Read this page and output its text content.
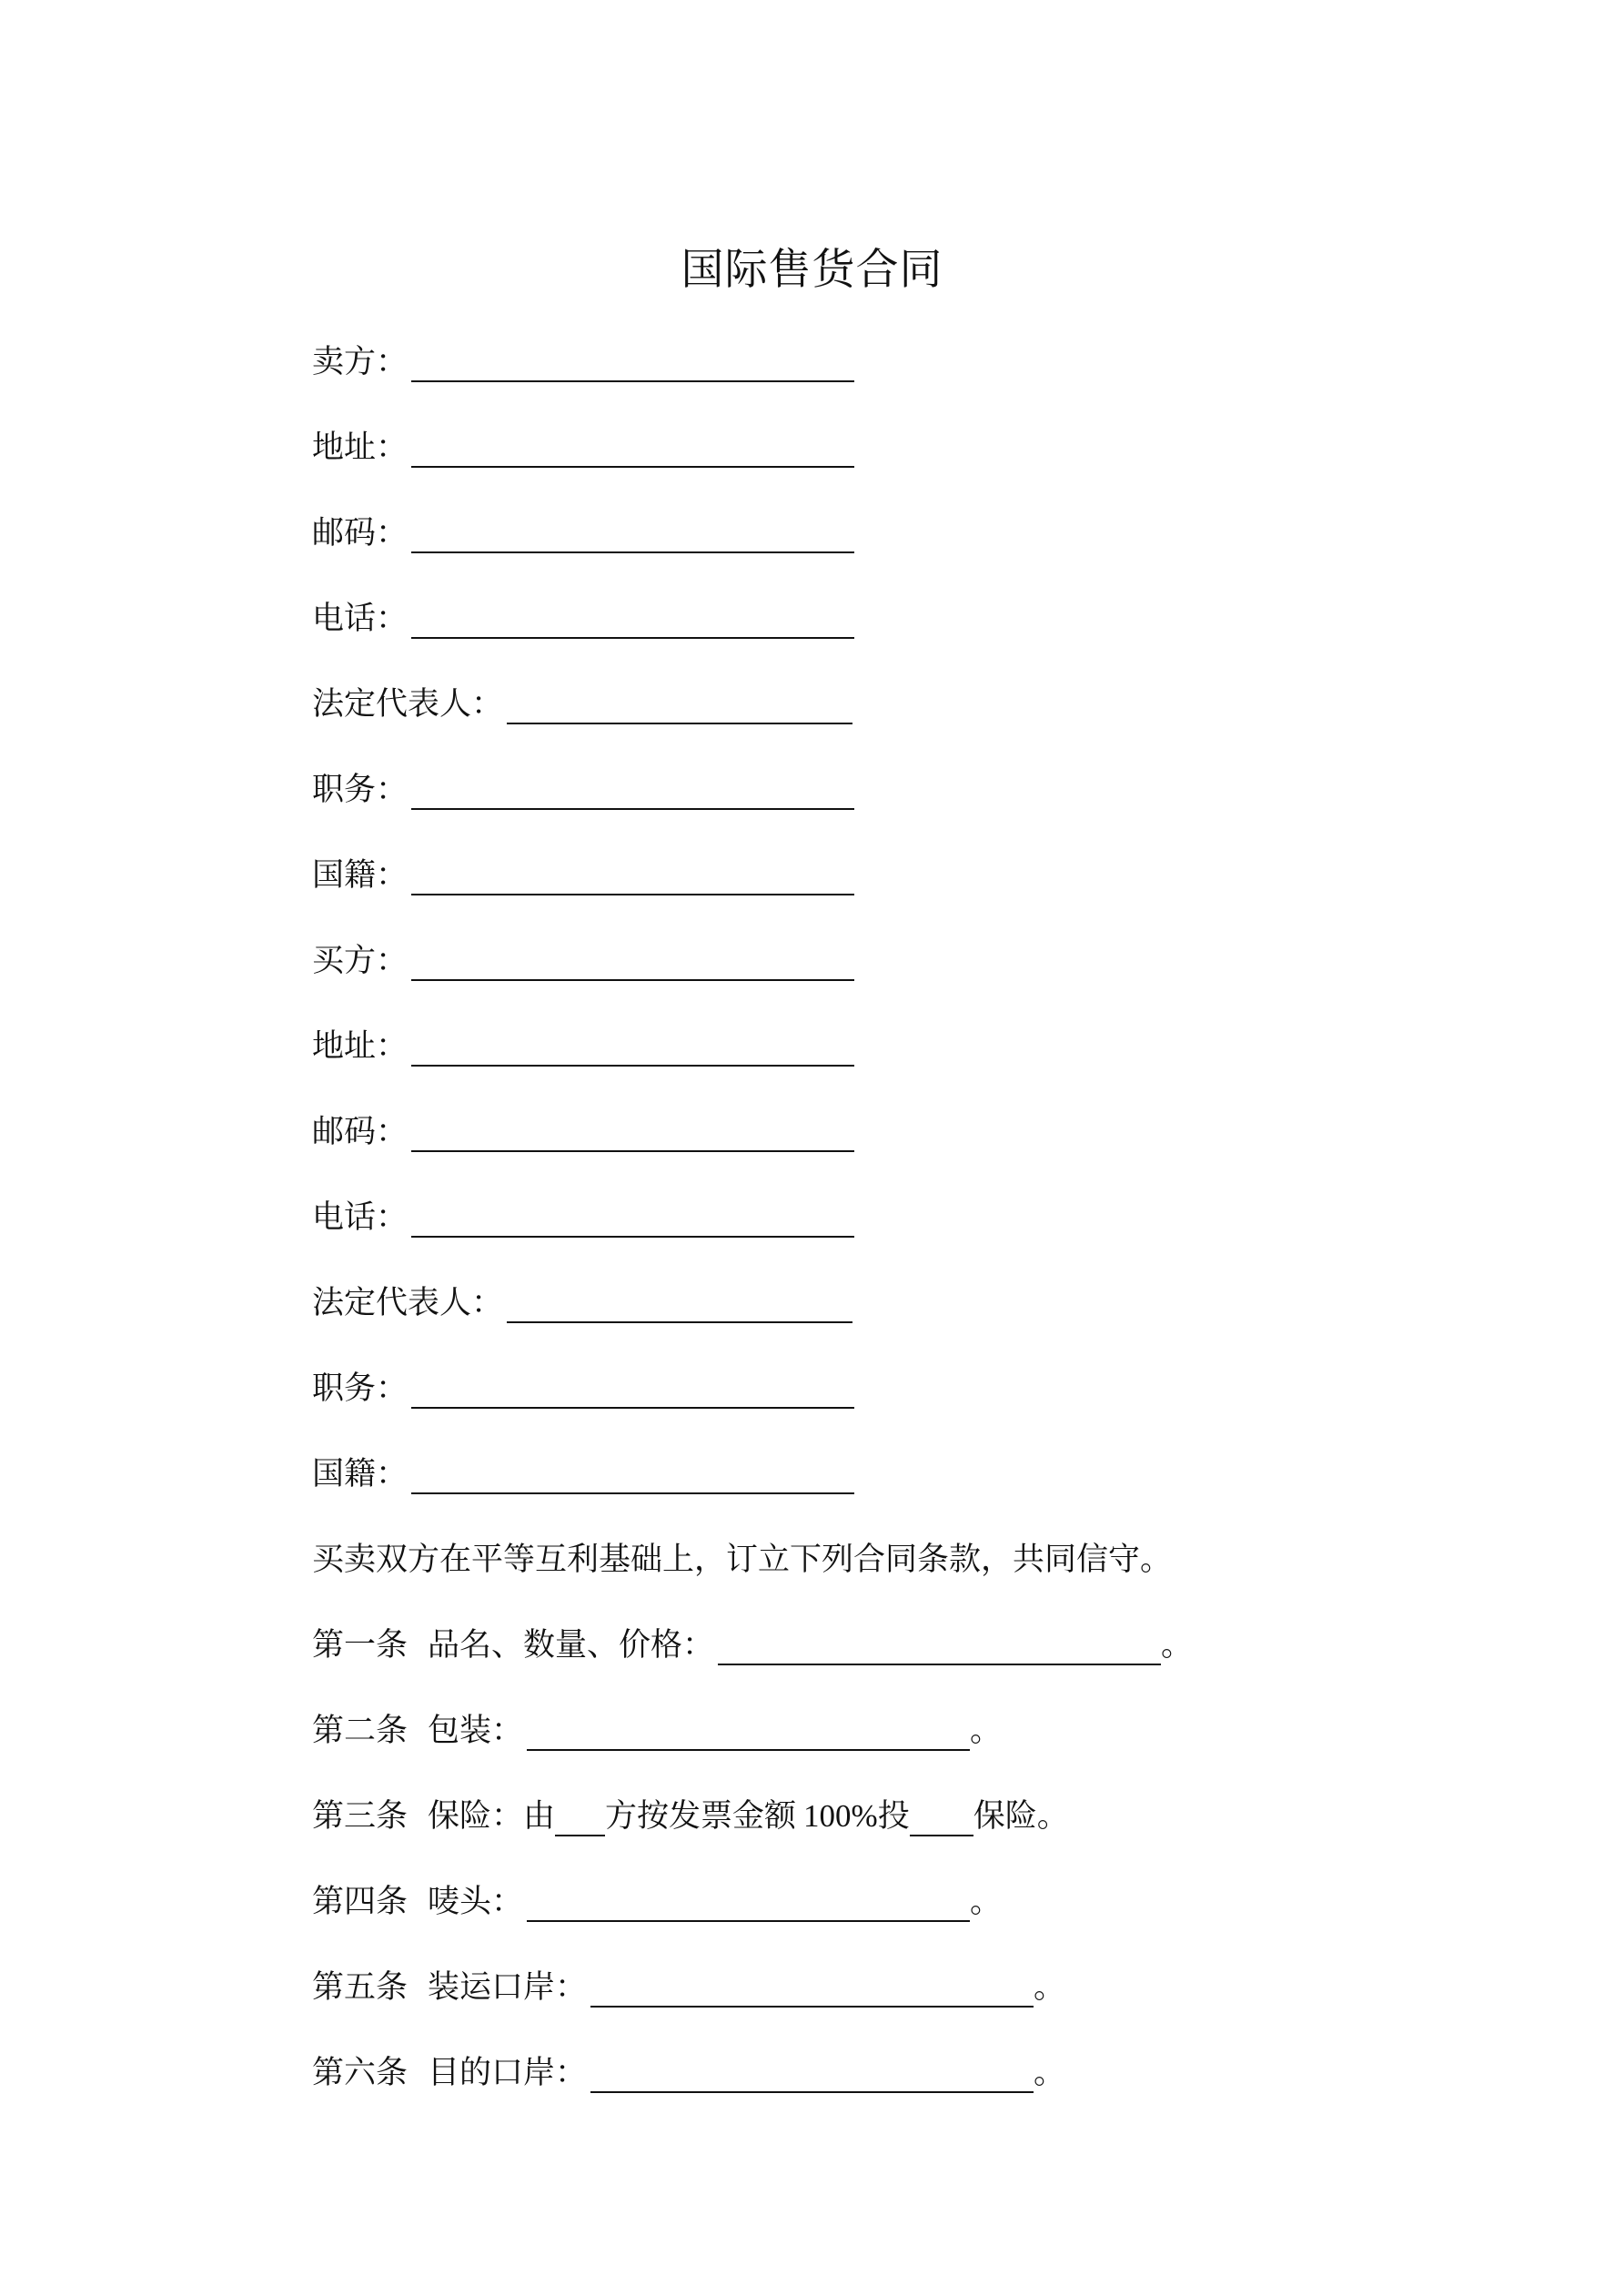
国际售货合同
卖方：
地址：
邮码：
电话：
法定代表人：
职务：
国籍：
买方：
地址：
邮码：
电话：
法定代表人：
职务：
国籍：
买卖双方在平等互利基础上，订立下列合同条款，共同信守。
第一条 品名、数量、价格：	。
第二条 包装：	。
第三条 保险：由 方按发票金额 100% 投 保险。
第四条 唛头：	。
第五条 装运口岸：	。
第六条 目的口岸：	。
